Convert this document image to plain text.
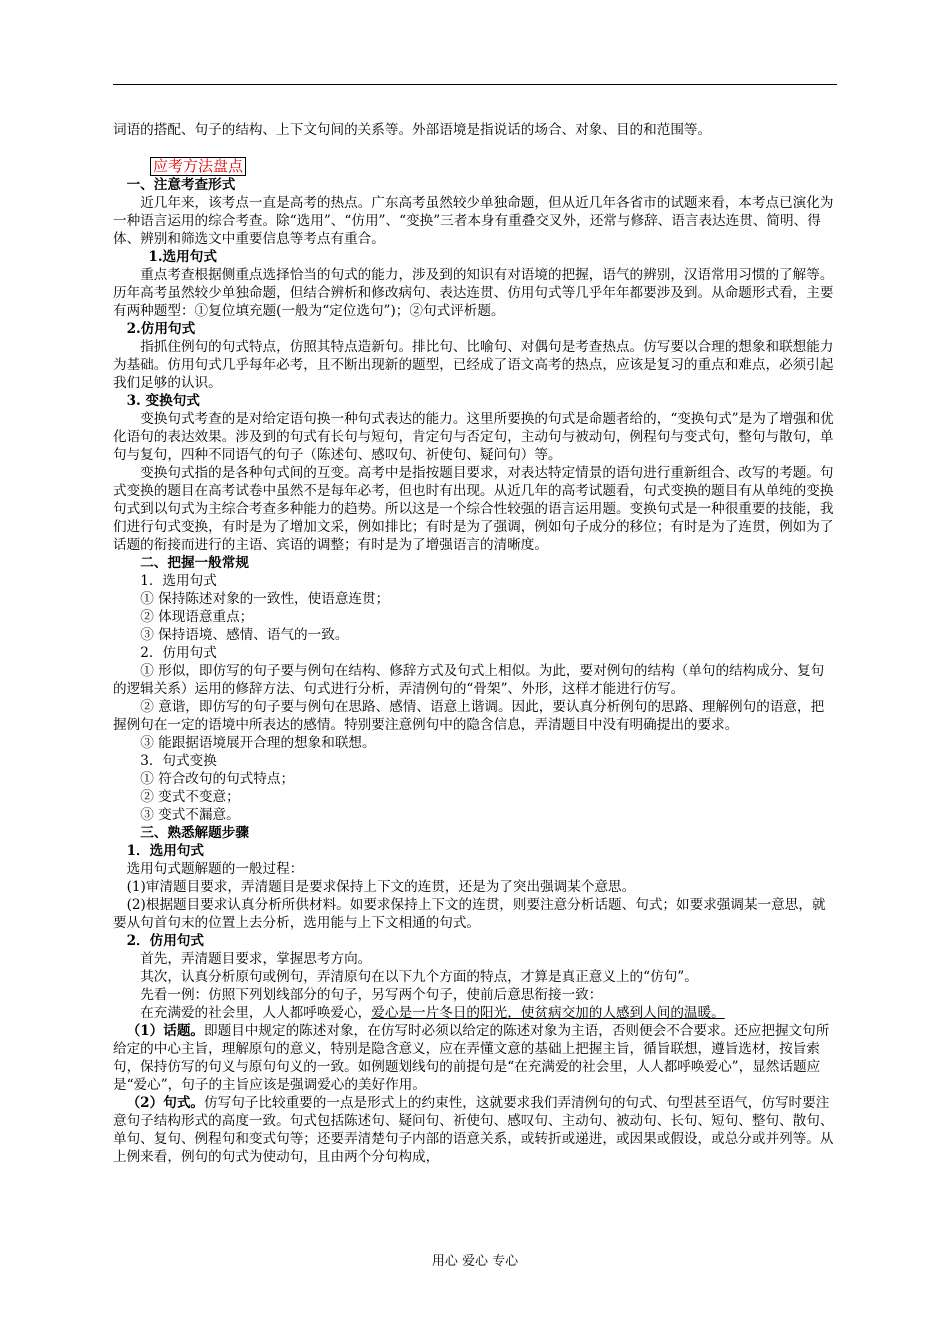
词语的搭配、句子的结构、上下文句间的关系等。外部语境是指说话的场合、对象、目的和范围等。

应考方法盘点

一、注意考查形式

近几年来，该考点一直是高考的热点。广东高考虽然较少单独命题，但从近几年各省市的试题来看，本考点已演化为一种语言运用的综合考查。除“选用”、“仿用”、“变换”三者本身有重叠交叉外，还常与修辞、语言表达连贯、简明、得体、辨别和筛选文中重要信息等考点有重合。

1.选用句式

重点考查根据侧重点选择恰当的句式的能力，涉及到的知识有对语境的把握，语气的辨别，汉语常用习惯的了解等。历年高考虽然较少单独命题，但结合辨析和修改病句、表达连贯、仿用句式等几乎年年都要涉及到。从命题形式看，主要有两种题型：①复位填充题(一般为“定位选句”)；②句式评析题。

2.仿用句式

指抓住例句的句式特点，仿照其特点造新句。排比句、比喻句、对偶句是考查热点。仿写要以合理的想象和联想能力为基础。仿用句式几乎每年必考，且不断出现新的题型，已经成了语文高考的热点，应该是复习的重点和难点，必须引起我们足够的认识。

3. 变换句式

变换句式考查的是对给定语句换一种句式表达的能力。这里所要换的句式是命题者给的，“变换句式”是为了增强和优化语句的表达效果。涉及到的句式有长句与短句，肯定句与否定句，主动句与被动句，例程句与变式句，整句与散句，单句与复句，四种不同语气的句子（陈述句、感叹句、祈使句、疑问句）等。

变换句式指的是各种句式间的互变。高考中是指按题目要求，对表达特定情景的语句进行重新组合、改写的考题。句式变换的题目在高考试卷中虽然不是每年必考，但也时有出现。从近几年的高考试题看，句式变换的题目有从单纯的变换句式到以句式为主综合考查多种能力的趋势。所以这是一个综合性较强的语言运用题。变换句式是一种很重要的技能，我们进行句式变换，有时是为了增加文采，例如排比；有时是为了强调，例如句子成分的移位；有时是为了连贯，例如为了话题的衔接而进行的主语、宾语的调整；有时是为了增强语言的清晰度。

二、把握一般常规

1．选用句式

① 保持陈述对象的一致性，使语意连贯；

② 体现语意重点；

③ 保持语境、感情、语气的一致。

2．仿用句式

① 形似，即仿写的句子要与例句在结构、修辞方式及句式上相似。为此，要对例句的结构（单句的结构成分、复句的逻辑关系）运用的修辞方法、句式进行分析，弄清例句的“骨架”、外形，这样才能进行仿写。

② 意谐，即仿写的句子要与例句在思路、感情、语意上谐调。因此，要认真分析例句的思路、理解例句的语意，把握例句在一定的语境中所表达的感情。特别要注意例句中的隐含信息，弄清题目中没有明确提出的要求。

③ 能跟据语境展开合理的想象和联想。

3．句式变换

① 符合改句的句式特点；

② 变式不变意；

③ 变式不漏意。

三、熟悉解题步骤

1．选用句式

选用句式题解题的一般过程：

(1)审清题目要求，弄清题目是要求保持上下文的连贯，还是为了突出强调某个意思。

(2)根据题目要求认真分析所供材料。如要求保持上下文的连贯，则要注意分析话题、句式；如要求强调某一意思，就要从句首句末的位置上去分析，选用能与上下文相通的句式。

2．仿用句式

首先，弄清题目要求，掌握思考方向。

其次，认真分析原句或例句，弄清原句在以下九个方面的特点，才算是真正意义上的“仿句”。

先看一例：仿照下列划线部分的句子，另写两个句子，使前后意思衔接一致：

在充满爱的社会里，人人都呼唤爱心，爱心是一片冬日的阳光，使贫病交加的人感到人间的温暖。

（1）话题。即题目中规定的陈述对象，在仿写时必须以给定的陈述对象为主语，否则便会不合要求。还应把握文句所给定的中心主旨，理解原句的意义，特别是隐含意义，应在弄懂文意的基础上把握主旨，循旨联想，遵旨选材，按旨索句，保持仿写的句义与原句句义的一致。如例题划线句的前提句是“在充满爱的社会里，人人都呼唤爱心”，显然话题应是“爱心”，句子的主旨应该是强调爱心的美好作用。

（2）句式。仿写句子比较重要的一点是形式上的约束性，这就要求我们弄清例句的句式、句型甚至语气，仿写时要注意句子结构形式的高度一致。句式包括陈述句、疑问句、祈使句、感叹句、主动句、被动句、长句、短句、整句、散句、单句、复句、例程句和变式句等；还要弄清楚句子内部的语意关系，或转折或递进，或因果或假设，或总分或并列等。从上例来看，例句的句式为使动句，且由两个分句构成，

用心 爱心 专心
